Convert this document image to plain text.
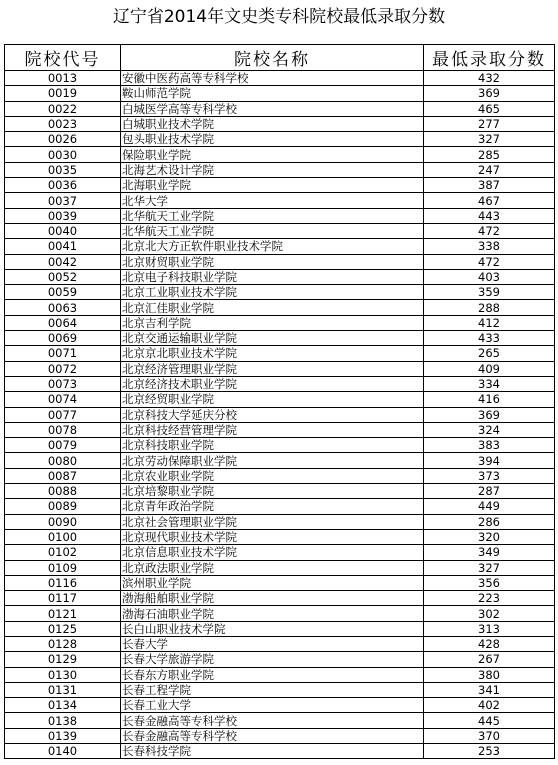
辽宁省2014年文史类专科院校最低录取分数
院校代号	院校名称	最低录取分数
0013	安徽中医药高等专科学校	432
0019	鞍山师范学院	369
0022	白城医学高等专科学校	465
0023	白城职业技术学院	277
0026	包头职业技术学院	327
0030	保险职业学院	285
0035	北海艺术设计学院	247
0036	北海职业学院	387
0037	北华大学	467
0039	北华航天工业学院	443
0040	北华航天工业学院	472
0041	北京北大方正软件职业技术学院	338
0042	北京财贸职业学院	472
0052	北京电子科技职业学院	403
0059	北京工业职业技术学院	359
0063	北京汇佳职业学院	288
0064	北京吉利学院	412
0069	北京交通运输职业学院	433
0071	北京京北职业技术学院	265
0072	北京经济管理职业学院	409
0073	北京经济技术职业学院	334
0074	北京经贸职业学院	416
0077	北京科技大学延庆分校	369
0078	北京科技经营管理学院	324
0079	北京科技职业学院	383
0080	北京劳动保障职业学院	394
0087	北京农业职业学院	373
0088	北京培黎职业学院	287
0089	北京青年政治学院	449
0090	北京社会管理职业学院	286
0100	北京现代职业技术学院	320
0102	北京信息职业技术学院	349
0109	北京政法职业学院	327
0116	滨州职业学院	356
0117	渤海船舶职业学院	223
0121	渤海石油职业学院	302
0125	长白山职业技术学院	313
0128	长春大学	428
0129	长春大学旅游学院	267
0130	长春东方职业学院	380
0131	长春工程学院	341
0134	长春工业大学	402
0138	长春金融高等专科学校	445
0139	长春金融高等专科学校	370
0140	长春科技学院	253
